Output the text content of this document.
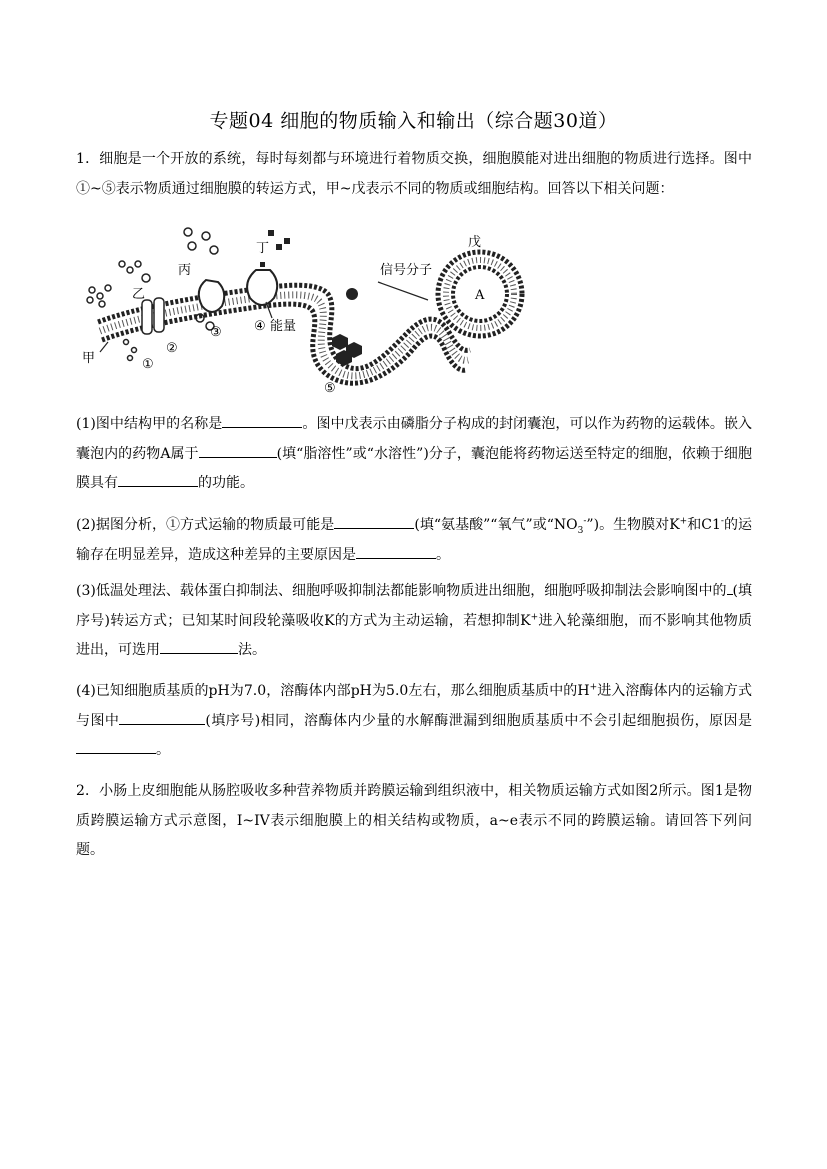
专题04 细胞的物质输入和输出（综合题30道）
1．细胞是一个开放的系统，每时每刻都与环境进行着物质交换，细胞膜能对进出细胞的物质进行选择。图中①~⑤表示物质通过细胞膜的转运方式，甲~戊表示不同的物质或细胞结构。回答以下相关问题：
甲
乙
丙
丁	戊
A
信号分子
能量
①
②
③ ④
⑤
(1)图中结构甲的名称是	。图中戊表示由磷脂分子构成的封闭囊泡，可以作为药物的运载体。嵌入囊泡内的药物A属于	(填“脂溶性”或“水溶性”)分子，囊泡能将药物运送至特定的细胞，依赖于细胞膜具有	的功能。
(2)据图分析，①方式运输的物质最可能是	(填“氨基酸”“氧气”或“$NO_3^-$”)。生物膜对K+和C1-的运输存在明显差异，造成这种差异的主要原因是	。
(3)低温处理法、载体蛋白抑制法、细胞呼吸抑制法都能影响物质进出细胞，细胞呼吸抑制法会影响图中的 (填序号)转运方式；已知某时间段轮藻吸收K的方式为主动运输，若想抑制K+进入轮藻细胞，而不影响其他物质进出，可选用	法。
(4)已知细胞质基质的pH为7.0，溶酶体内部pH为5.0左右，那么细胞质基质中的H+进入溶酶体内的运输方式与图中	(填序号)相同，溶酶体内少量的水解酶泄漏到细胞质基质中不会引起细胞损伤，原因是。
2．小肠上皮细胞能从肠腔吸收多种营养物质并跨膜运输到组织液中，相关物质运输方式如图2所示。图1是物质跨膜运输方式示意图，I~IV表示细胞膜上的相关结构或物质，a~e表示不同的跨膜运输。请回答下列问题。
